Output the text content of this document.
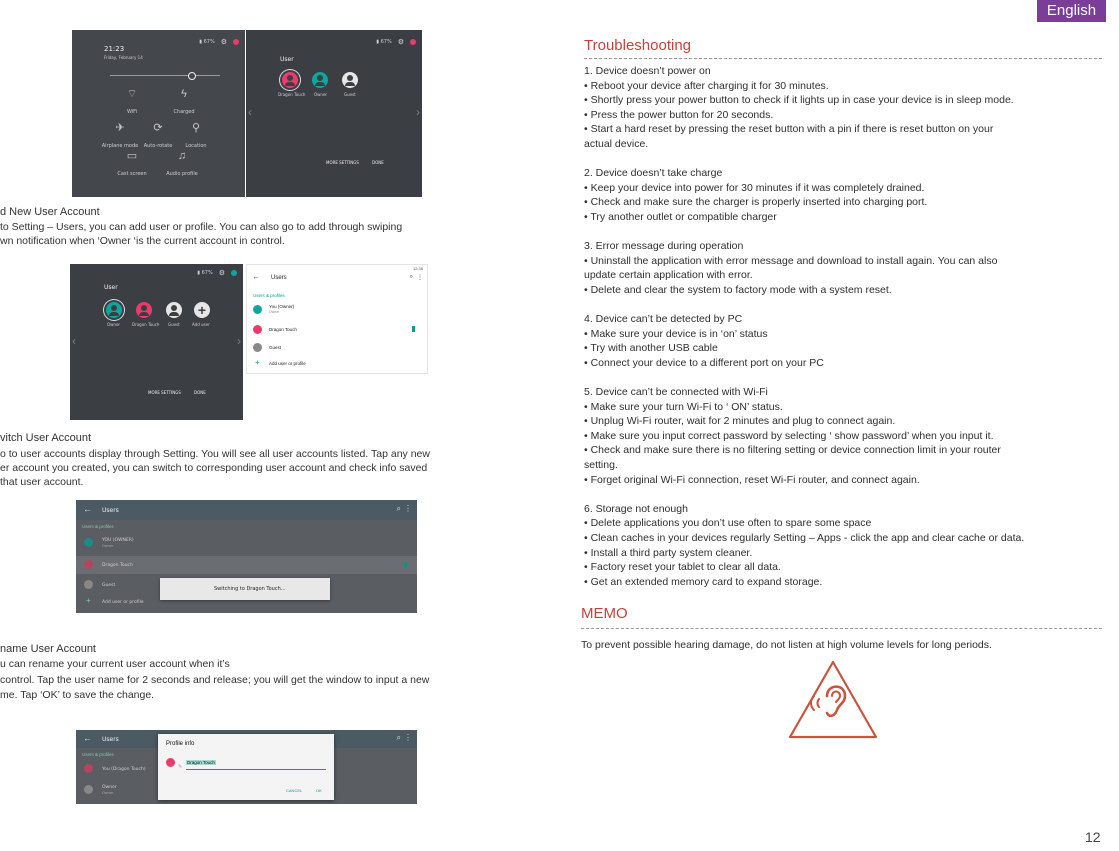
English
12
21:23
Friday, February 14
▮ 67% ⚙
⌔
WiFi
ϟ
Charged
✈
Airplane mode
⟳
Auto-rotate
⚲
Location
▭
Cast screen
♫
Audio profile
User
▮ 67% ⚙
Dragon Touch Owner	Guest
MORE SETTINGS	DONE
‹	›
d New User Account
to Setting – Users, you can add user or profile. You can also go to add through swiping
wn notification when ‘Owner ‘is the current account in control.
User
▮ 67% ⚙
+
Owner	Dragon Touch Guest	Add user
MORE SETTINGS	DONE
‹	›
← Users
12:35
⌕ ⋮
Users & profiles
You (Owner)
Owner
Dragon Touch
Guest
+ Add user or profile
vitch User Account
o to user accounts display through Setting. You will see all user accounts listed. Tap any new
er account you created, you can switch to corresponding user account and check info saved
that user account.
← Users	⌕ ⋮
Users & profiles
YOU (OWNER)
Owner
Dragon Touch
Guest
+	Add user or profile
Switching to Dragon Touch...
name User Account
u can rename your current user account when it’s
control. Tap the user name for 2 seconds and release; you will get the window to input a new
me. Tap ‘OK’ to save the change.
← Users	⌕ ⋮
Users & profiles
You (Dragon Touch)
Owner
Owner
Profile info
✎
Dragon Touch
CANCEL	OK
Troubleshooting
1. Device doesn’t power on
• Reboot your device after charging it for 30 minutes.
• Shortly press your power button to check if it lights up in case your device is in sleep mode.
• Press the power button for 20 seconds.
• Start a hard reset by pressing the reset button with a pin if there is reset button on your
actual device.
2. Device doesn’t take charge
• Keep your device into power for 30 minutes if it was completely drained.
• Check and make sure the charger is properly inserted into charging port.
• Try another outlet or compatible charger
3. Error message during operation
• Uninstall the application with error message and download to install again. You can also
update certain application with error.
• Delete and clear the system to factory mode with a system reset.
4. Device can’t be detected by PC
• Make sure your device is in ‘on’ status
• Try with another USB cable
• Connect your device to a different port on your PC
5. Device can’t be connected with Wi-Fi
• Make sure your turn Wi-Fi to ‘ ON’ status.
• Unplug Wi-Fi router, wait for 2 minutes and plug to connect again.
• Make sure you input correct password by selecting ‘ show password’ when you input it.
• Check and make sure there is no filtering setting or device connection limit in your router
setting.
• Forget original Wi-Fi connection, reset Wi-Fi router, and connect again.
6. Storage not enough
• Delete applications you don’t use often to spare some space
• Clean caches in your devices regularly Setting – Apps - click the app and clear cache or data.
• Install a third party system cleaner.
• Factory reset your tablet to clear all data.
• Get an extended memory card to expand storage.
MEMO
To prevent possible hearing damage, do not listen at high volume levels for long periods.
